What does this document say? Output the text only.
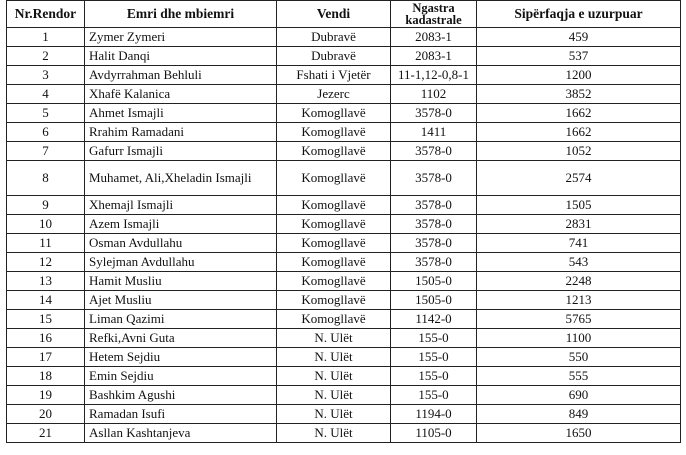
Nr.Rendor	Emri dhe mbiemri	Vendi	Ngastra kadastrale	Sipërfaqja e uzurpuar
1	Zymer Zymeri	Dubravë	2083-1	459
2	Halit Danqi	Dubravë	2083-1	537
3	Avdyrrahman Behluli	Fshati i Vjetër	11-1,12-0,8-1	1200
4	Xhafë Kalanica	Jezerc	1102	3852
5	Ahmet Ismajli	Komogllavë	3578-0	1662
6	Rrahim Ramadani	Komogllavë	1411	1662
7	Gafurr Ismajli	Komogllavë	3578-0	1052
8	Muhamet, Ali,Xheladin Ismajli	Komogllavë	3578-0	2574
9	Xhemajl Ismajli	Komogllavë	3578-0	1505
10	Azem Ismajli	Komogllavë	3578-0	2831
11	Osman Avdullahu	Komogllavë	3578-0	741
12	Sylejman Avdullahu	Komogllavë	3578-0	543
13	Hamit Musliu	Komogllavë	1505-0	2248
14	Ajet Musliu	Komogllavë	1505-0	1213
15	Liman Qazimi	Komogllavë	1142-0	5765
16	Refki,Avni Guta	N. Ulët	155-0	1100
17	Hetem Sejdiu	N. Ulët	155-0	550
18	Emin Sejdiu	N. Ulët	155-0	555
19	Bashkim Agushi	N. Ulët	155-0	690
20	Ramadan Isufi	N. Ulët	1194-0	849
21	Asllan Kashtanjeva	N. Ulët	1105-0	1650
